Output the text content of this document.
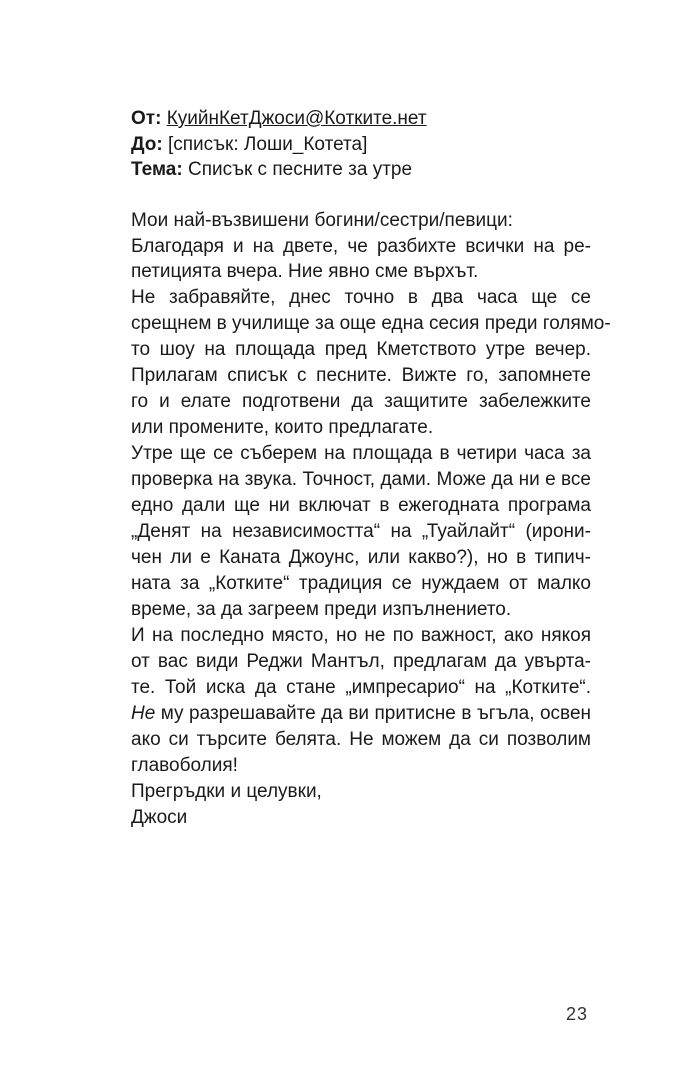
От: КуийнКетДжоси@Котките.нет
До: [списък: Лоши_Котета]
Тема: Списък с песните за утре
Мои най-възвишени богини/сестри/певици:
Благодаря и на двете, че разбихте всички на ре-
петицията вчера. Ние явно сме върхът.
Не забравяйте, днес точно в два часа ще се
срещнем в училище за още една сесия преди голямо-
то шоу на площада пред Кметството утре вечер.
Прилагам списък с песните. Вижте го, запомнете
го и елате подготвени да защитите забележките
или промените, които предлагате.
Утре ще се съберем на площада в четири часа за
проверка на звука. Точност, дами. Може да ни е все
едно дали ще ни включат в ежегодната програма
„Денят на независимостта“ на „Туайлайт“ (ирони-
чен ли е Каната Джоунс, или какво?), но в типич-
ната за „Котките“ традиция се нуждаем от малко
време, за да загреем преди изпълнението.
И на последно място, но не по важност, ако някоя
от вас види Реджи Мантъл, предлагам да увърта-
те. Той иска да стане „импресарио“ на „Котките“.
Не му разрешавайте да ви притисне в ъгъла, освен
ако си търсите белята. Не можем да си позволим
главоболия!
Прегръдки и целувки,
Джоси
23
